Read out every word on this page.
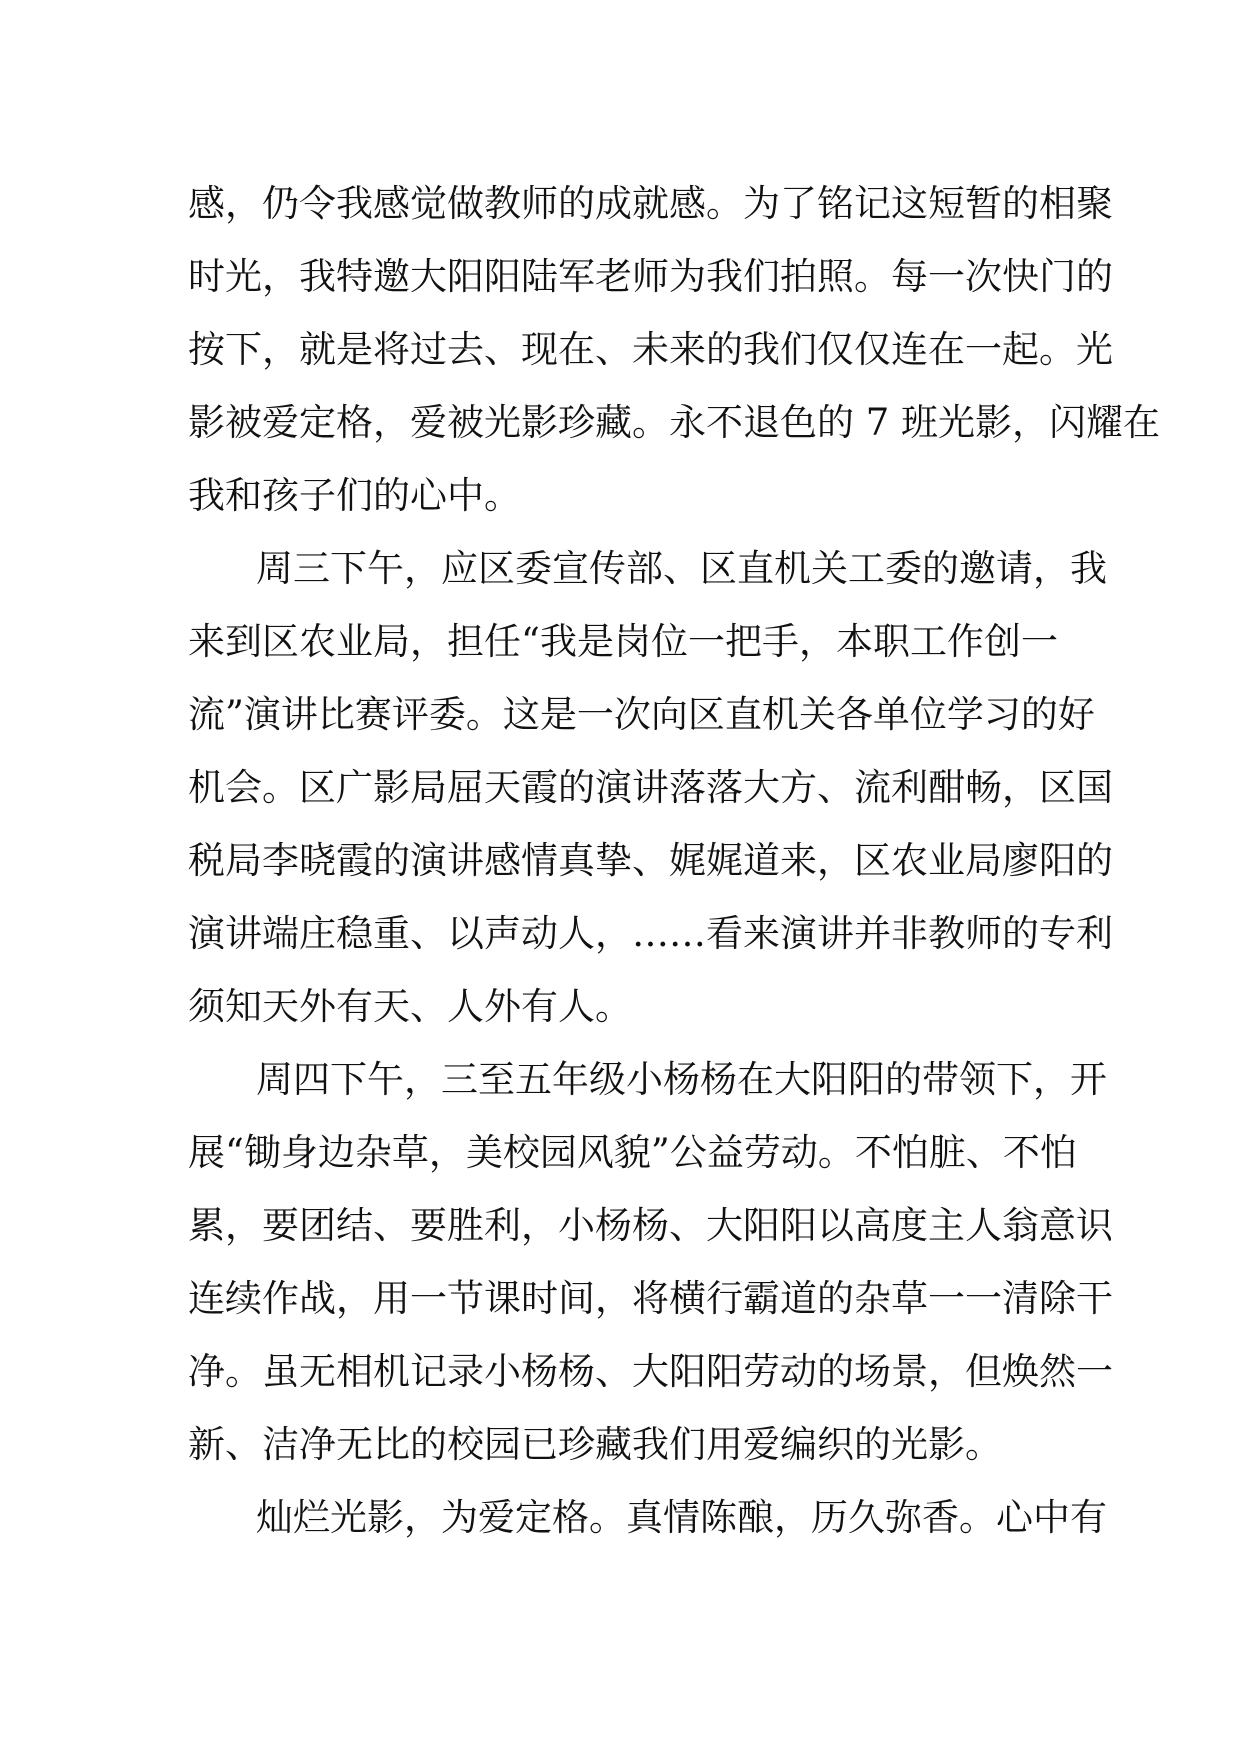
感，仍令我感觉做教师的成就感。为了铭记这短暂的相聚
时光，我特邀大阳阳陆军老师为我们拍照。每一次快门的
按下，就是将过去、现在、未来的我们仅仅连在一起。光
影被爱定格，爱被光影珍藏。永不退色的 7 班光影，闪耀在
我和孩子们的心中。
周三下午，应区委宣传部、区直机关工委的邀请，我
来到区农业局，担任“我是岗位一把手，本职工作创一
流”演讲比赛评委。这是一次向区直机关各单位学习的好
机会。区广影局屈天霞的演讲落落大方、流利酣畅，区国
税局李晓霞的演讲感情真挚、娓娓道来，区农业局廖阳的
演讲端庄稳重、以声动人，……看来演讲并非教师的专利
须知天外有天、人外有人。
周四下午，三至五年级小杨杨在大阳阳的带领下，开
展“锄身边杂草，美校园风貌”公益劳动。不怕脏、不怕
累，要团结、要胜利，小杨杨、大阳阳以高度主人翁意识
连续作战，用一节课时间，将横行霸道的杂草一一清除干
净。虽无相机记录小杨杨、大阳阳劳动的场景，但焕然一
新、洁净无比的校园已珍藏我们用爱编织的光影。
灿烂光影，为爱定格。真情陈酿，历久弥香。心中有
